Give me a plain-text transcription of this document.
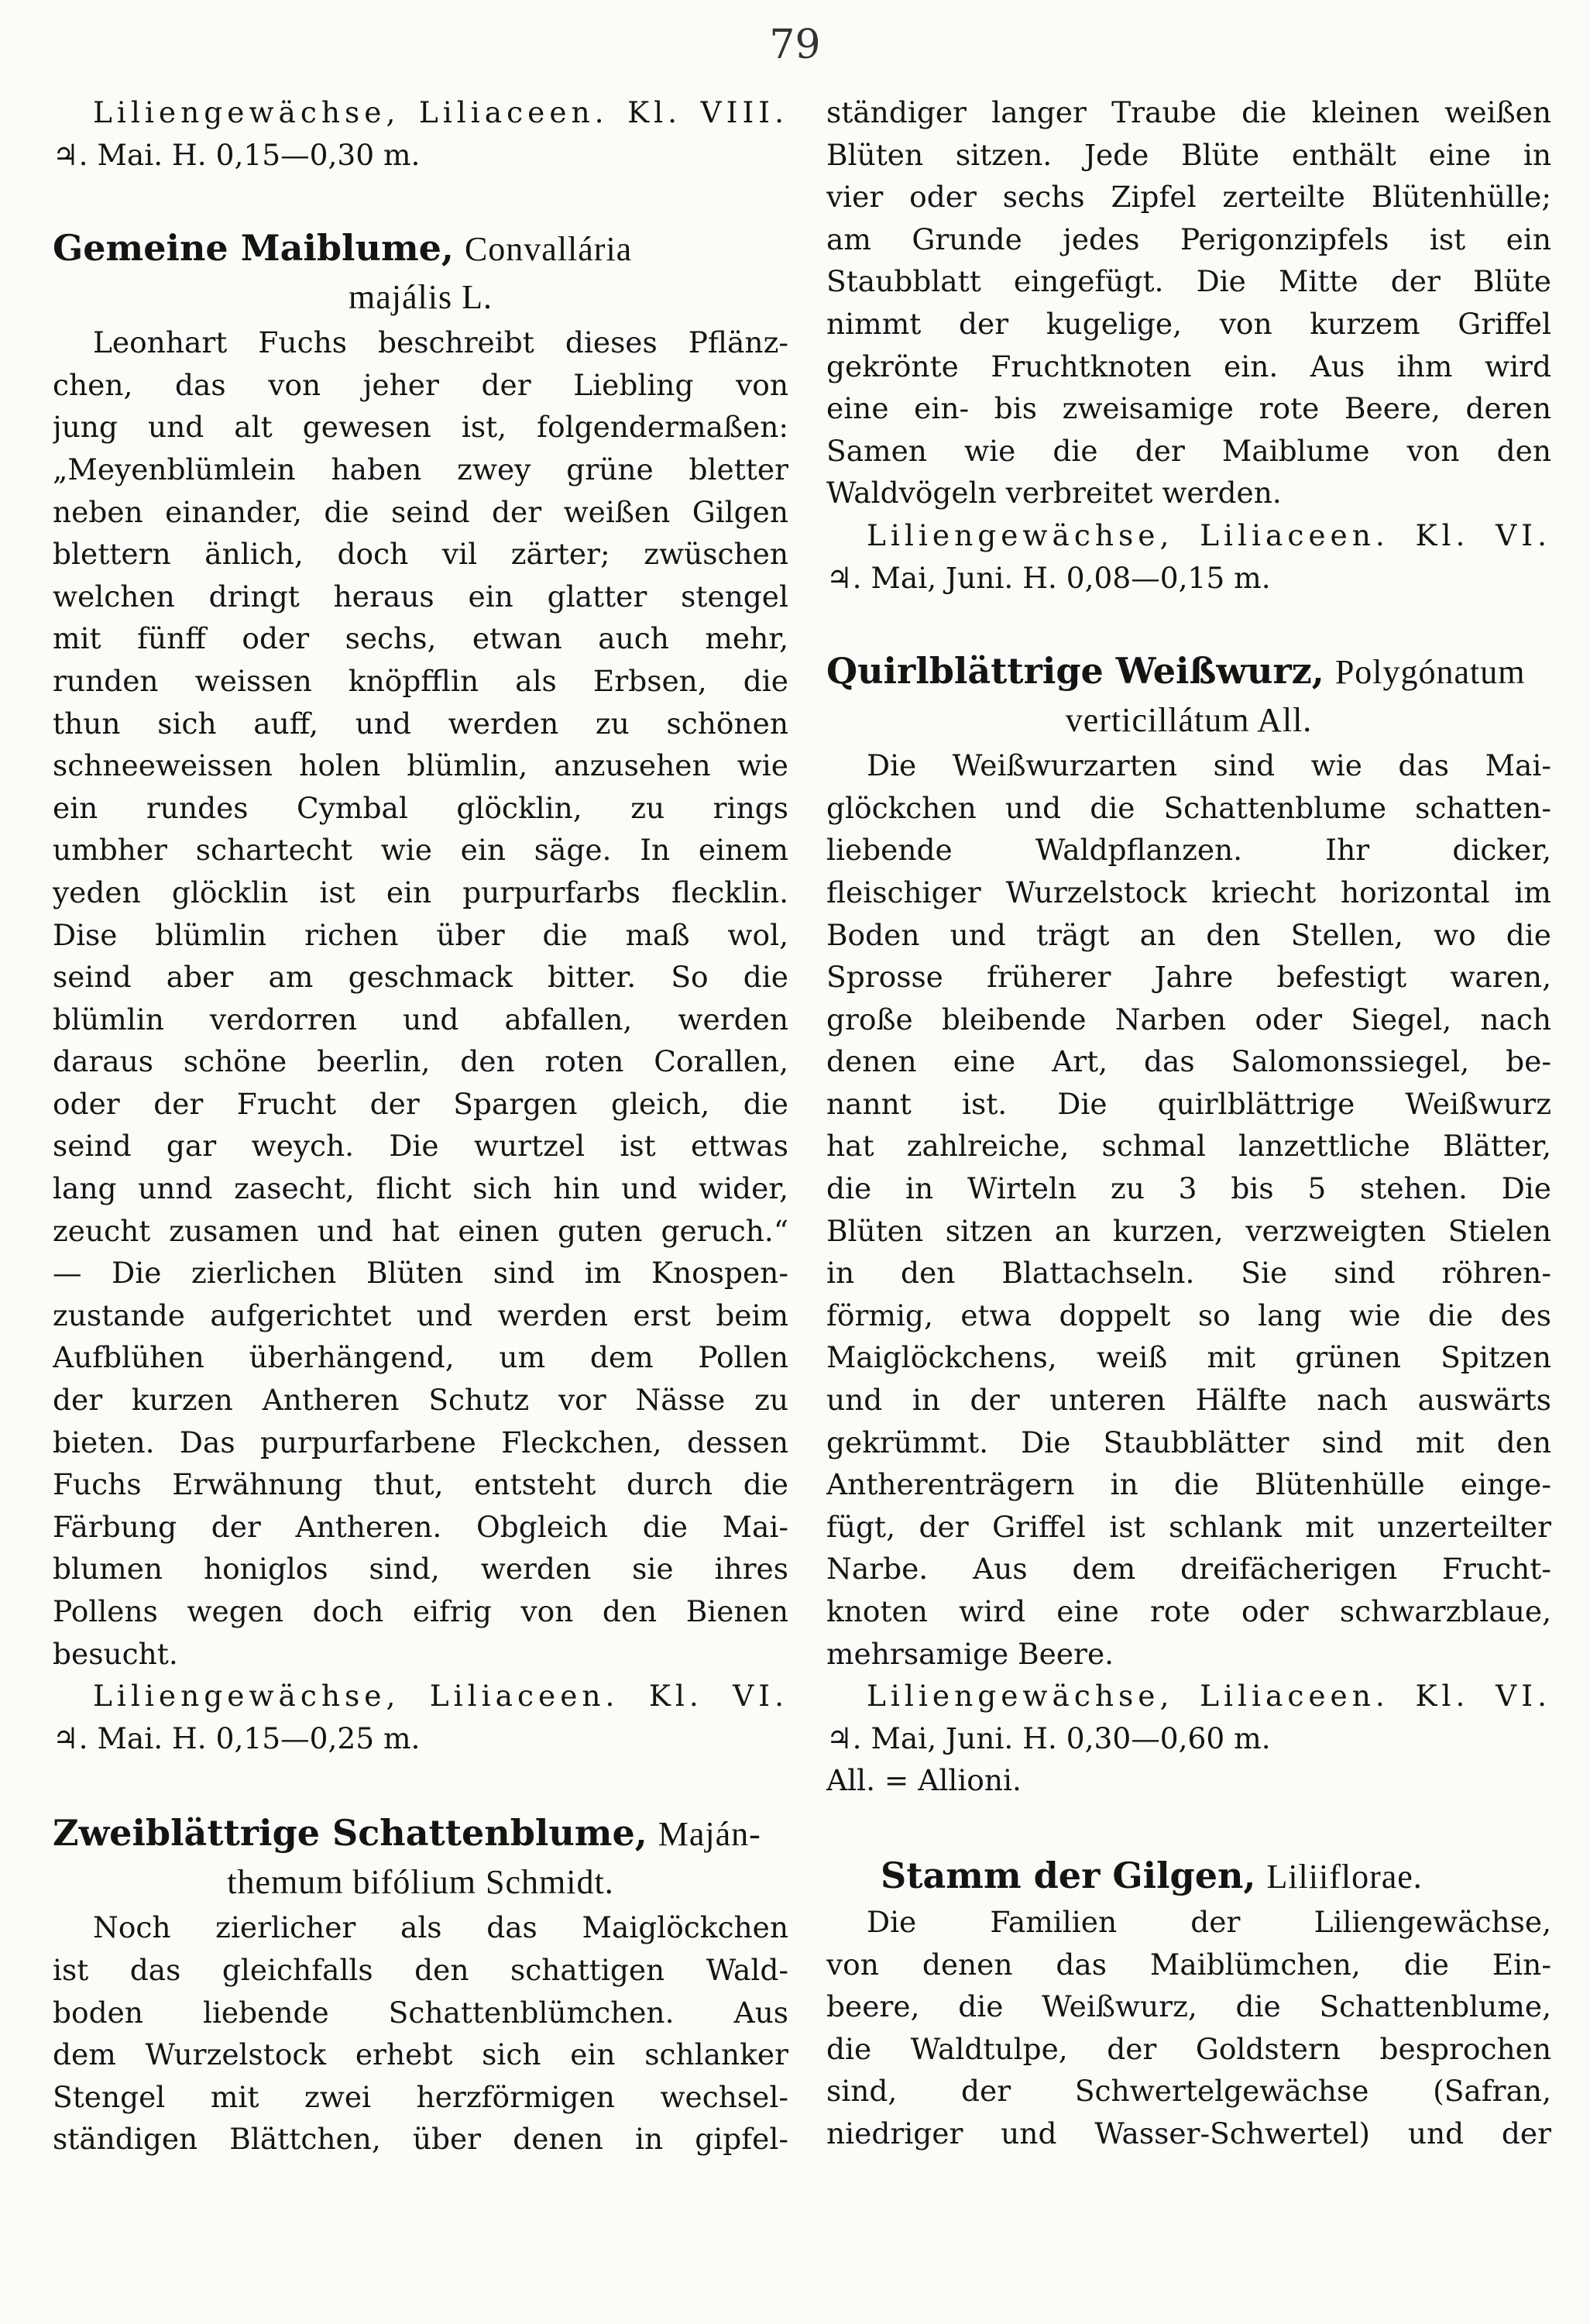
79
Liliengewächse, Liliaceen. Kl. VIII.
♃. Mai. H. 0,15—0,30 m.
Gemeine Maiblume, Convallária
majális L.
Leonhart Fuchs beschreibt dieses Pflänz-
chen, das von jeher der Liebling von
jung und alt gewesen ist, folgendermaßen:
„Meyenblümlein haben zwey grüne bletter
neben einander, die seind der weißen Gilgen
blettern änlich, doch vil zärter; zwüschen
welchen dringt heraus ein glatter stengel
mit fünff oder sechs, etwan auch mehr,
runden weissen knöpfflin als Erbsen, die
thun sich auff, und werden zu schönen
schneeweissen holen blümlin, anzusehen wie
ein rundes Cymbal glöcklin, zu rings
umbher schartecht wie ein säge. In einem
yeden glöcklin ist ein purpurfarbs flecklin.
Dise blümlin richen über die maß wol,
seind aber am geschmack bitter. So die
blümlin verdorren und abfallen, werden
daraus schöne beerlin, den roten Corallen,
oder der Frucht der Spargen gleich, die
seind gar weych. Die wurtzel ist ettwas
lang unnd zasecht, flicht sich hin und wider,
zeucht zusamen und hat einen guten geruch.“
— Die zierlichen Blüten sind im Knospen-
zustande aufgerichtet und werden erst beim
Aufblühen überhängend, um dem Pollen
der kurzen Antheren Schutz vor Nässe zu
bieten. Das purpurfarbene Fleckchen, dessen
Fuchs Erwähnung thut, entsteht durch die
Färbung der Antheren. Obgleich die Mai-
blumen honiglos sind, werden sie ihres
Pollens wegen doch eifrig von den Bienen
besucht.
Liliengewächse, Liliaceen. Kl. VI.
♃. Mai. H. 0,15—0,25 m.
Zweiblättrige Schattenblume, Maján-
themum bifólium Schmidt.
Noch zierlicher als das Maiglöckchen
ist das gleichfalls den schattigen Wald-
boden liebende Schattenblümchen. Aus
dem Wurzelstock erhebt sich ein schlanker
Stengel mit zwei herzförmigen wechsel-
ständigen Blättchen, über denen in gipfel-
ständiger langer Traube die kleinen weißen
Blüten sitzen. Jede Blüte enthält eine in
vier oder sechs Zipfel zerteilte Blütenhülle;
am Grunde jedes Perigonzipfels ist ein
Staubblatt eingefügt. Die Mitte der Blüte
nimmt der kugelige, von kurzem Griffel
gekrönte Fruchtknoten ein. Aus ihm wird
eine ein- bis zweisamige rote Beere, deren
Samen wie die der Maiblume von den
Waldvögeln verbreitet werden.
Liliengewächse, Liliaceen. Kl. VI.
♃. Mai, Juni. H. 0,08—0,15 m.
Quirlblättrige Weißwurz, Polygónatum
verticillátum All.
Die Weißwurzarten sind wie das Mai-
glöckchen und die Schattenblume schatten-
liebende Waldpflanzen. Ihr dicker,
fleischiger Wurzelstock kriecht horizontal im
Boden und trägt an den Stellen, wo die
Sprosse früherer Jahre befestigt waren,
große bleibende Narben oder Siegel, nach
denen eine Art, das Salomonssiegel, be-
nannt ist. Die quirlblättrige Weißwurz
hat zahlreiche, schmal lanzettliche Blätter,
die in Wirteln zu 3 bis 5 stehen. Die
Blüten sitzen an kurzen, verzweigten Stielen
in den Blattachseln. Sie sind röhren-
förmig, etwa doppelt so lang wie die des
Maiglöckchens, weiß mit grünen Spitzen
und in der unteren Hälfte nach auswärts
gekrümmt. Die Staubblätter sind mit den
Antherenträgern in die Blütenhülle einge-
fügt, der Griffel ist schlank mit unzerteilter
Narbe. Aus dem dreifächerigen Frucht-
knoten wird eine rote oder schwarzblaue,
mehrsamige Beere.
Liliengewächse, Liliaceen. Kl. VI.
♃. Mai, Juni. H. 0,30—0,60 m.
All. = Allioni.
Stamm der Gilgen, Liliiflorae.
Die Familien der Liliengewächse,
von denen das Maiblümchen, die Ein-
beere, die Weißwurz, die Schattenblume,
die Waldtulpe, der Goldstern besprochen
sind, der Schwertelgewächse (Safran,
niedriger und Wasser-Schwertel) und der
